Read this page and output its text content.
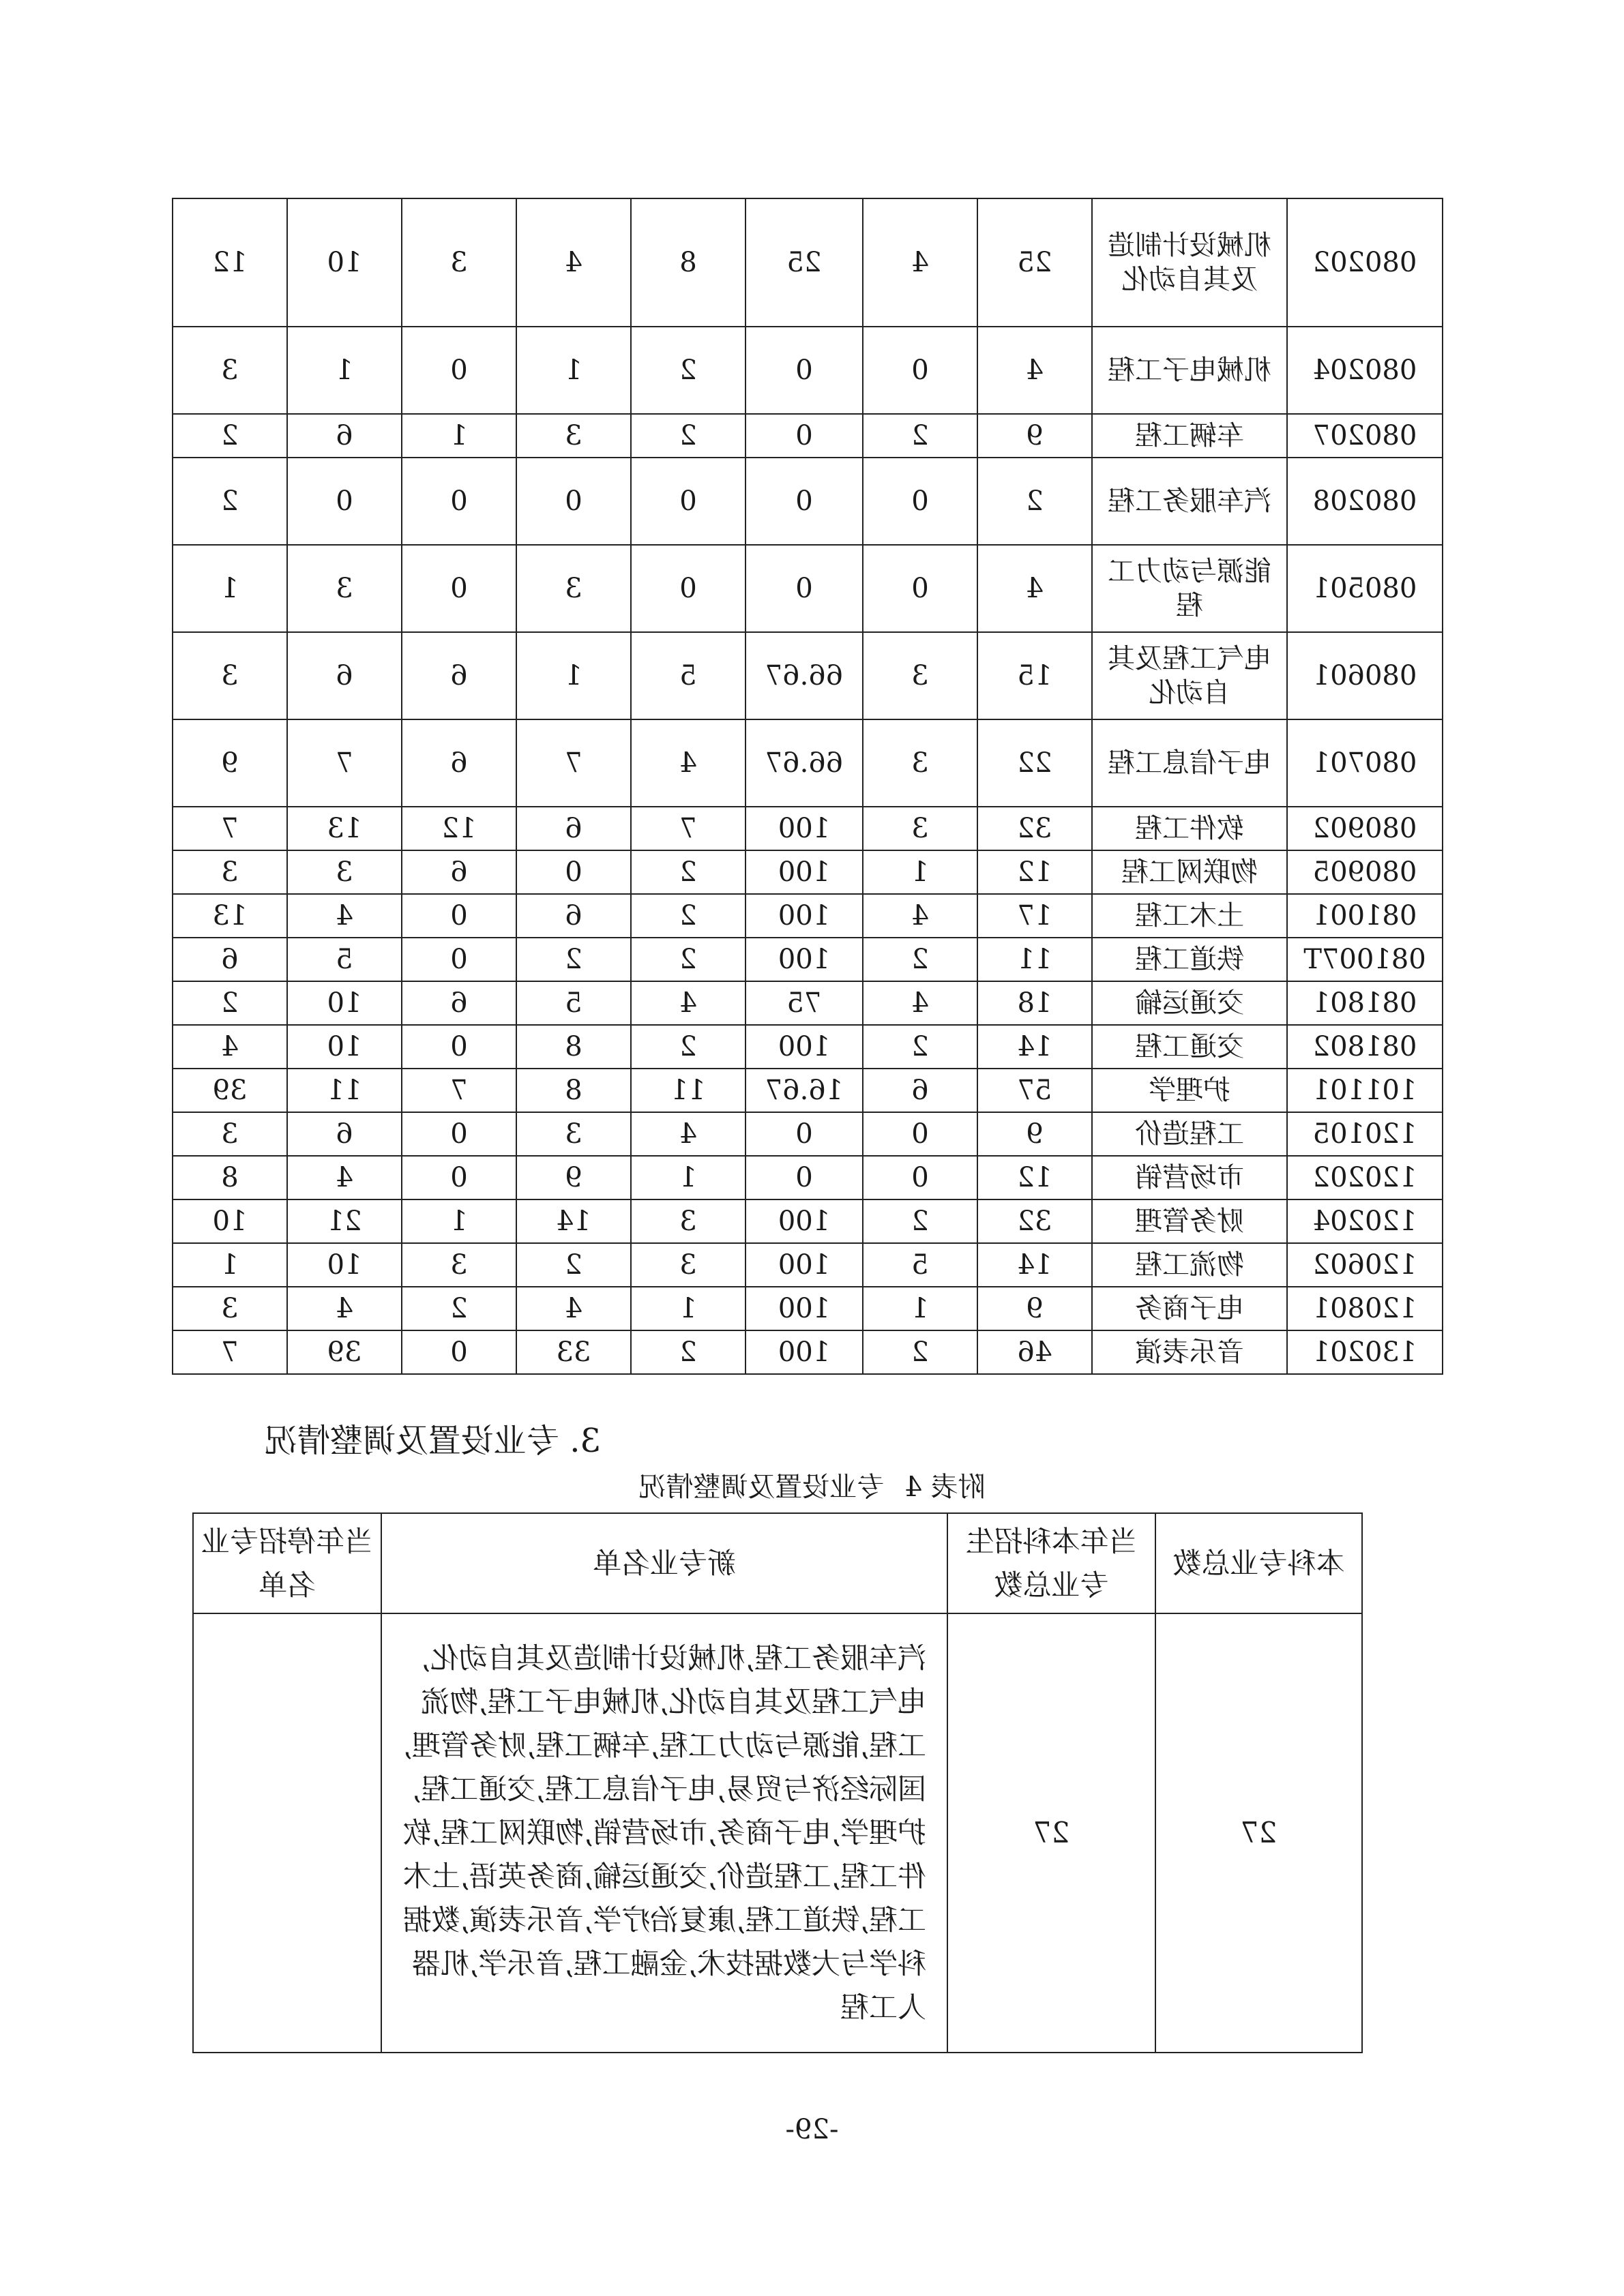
080202	机械设计制造及其自动化	25	4	25	8	4	3	10	12
080204	机械电子工程	4	0	0	2	1	0	1	3
080207	车辆工程	9	2	0	2	3	1	6	2
080208	汽车服务工程	2	0	0	0	0	0	0	2
080501	能源与动力工程	4	0	0	0	3	0	3	1
080601	电气工程及其自动化	15	3	66.67	5	1	6	6	3
080701	电子信息工程	22	3	66.67	4	7	6	7	9
080902	软件工程	32	3	100	7	6	12	13	7
080905	物联网工程	12	1	100	2	0	6	3	3
081001	土木工程	17	4	100	2	6	0	4	13
081007T	铁道工程	11	2	100	2	2	0	5	6
081801	交通运输	18	4	75	4	5	6	10	2
081802	交通工程	14	2	100	2	8	0	10	4
101101	护理学	57	6	16.67	11	8	7	11	39
120105	工程造价	9	0	0	4	3	0	6	3
120202	市场营销	12	0	0	1	9	0	4	8
120204	财务管理	32	2	100	3	14	1	21	10
120602	物流工程	14	5	100	3	2	3	10	1
120801	电子商务	9	1	100	1	4	2	4	3
130201	音乐表演	46	2	100	2	33	0	39	7
3. 专业设置及调整情况
附表 4专业设置及调整情况
本科专业总数	当年本科招生专业总数	新专业名单	当年停招专业名单
27	27	汽车服务工程,机械设计制造及其自动化,电气工程及其自动化,机械电子工程,物流工程,能源与动力工程,车辆工程,财务管理,国际经济与贸易,电子信息工程,交通工程,护理学,电子商务,市场营销,物联网工程,软件工程,工程造价,交通运输,商务英语,土木工程,铁道工程,康复治疗学,音乐表演,数据科学与大数据技术,金融工程,音乐学,机器人工程	
-29-
